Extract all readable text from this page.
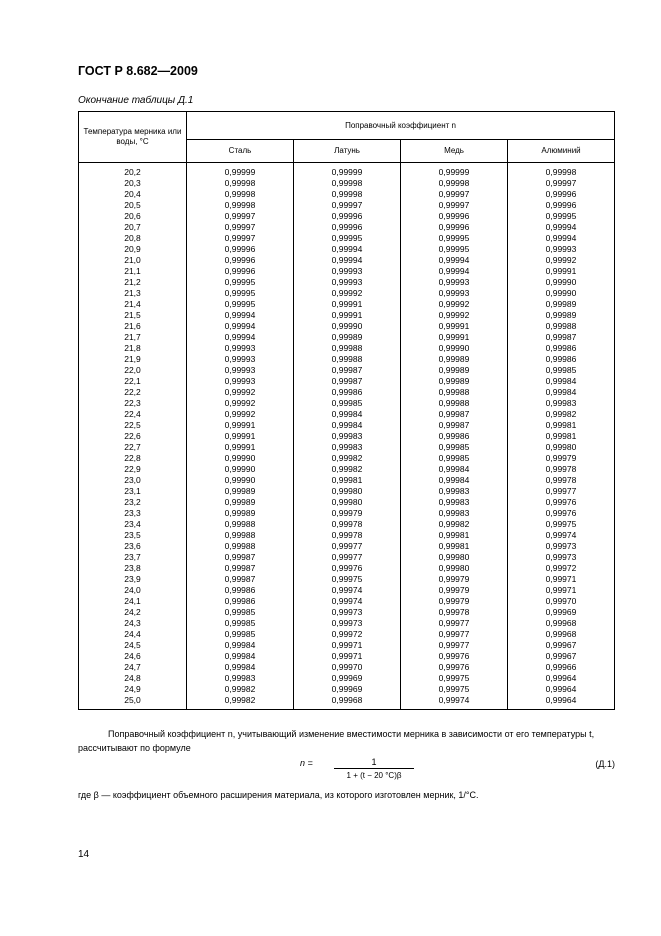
ГОСТ Р 8.682—2009
Окончание таблицы Д.1
Температура мерника или воды, °С	Поправочный коэффициент n			
	Сталь	Латунь	Медь	Алюминий
20,2	0,99999	0,99999	0,99999	0,99998
20,3	0,99998	0,99998	0,99998	0,99997
20,4	0,99998	0,99998	0,99997	0,99996
20,5	0,99998	0,99997	0,99997	0,99996
20,6	0,99997	0,99996	0,99996	0,99995
20,7	0,99997	0,99996	0,99996	0,99994
20,8	0,99997	0,99995	0,99995	0,99994
20,9	0,99996	0,99994	0,99995	0,99993
21,0	0,99996	0,99994	0,99994	0,99992
21,1	0,99996	0,99993	0,99994	0,99991
21,2	0,99995	0,99993	0,99993	0,99990
21,3	0,99995	0,99992	0,99993	0,99990
21,4	0,99995	0,99991	0,99992	0,99989
21,5	0,99994	0,99991	0,99992	0,99989
21,6	0,99994	0,99990	0,99991	0,99988
21,7	0,99994	0,99989	0,99991	0,99987
21,8	0,99993	0,99988	0,99990	0,99986
21,9	0,99993	0,99988	0,99989	0,99986
22,0	0,99993	0,99987	0,99989	0,99985
22,1	0,99993	0,99987	0,99989	0,99984
22,2	0,99992	0,99986	0,99988	0,99984
22,3	0,99992	0,99985	0,99988	0,99983
22,4	0,99992	0,99984	0,99987	0,99982
22,5	0,99991	0,99984	0,99987	0,99981
22,6	0,99991	0,99983	0,99986	0,99981
22,7	0,99991	0,99983	0,99985	0,99980
22,8	0,99990	0,99982	0,99985	0,99979
22,9	0,99990	0,99982	0,99984	0,99978
23,0	0,99990	0,99981	0,99984	0,99978
23,1	0,99989	0,99980	0,99983	0,99977
23,2	0,99989	0,99980	0,99983	0,99976
23,3	0,99989	0,99979	0,99983	0,99976
23,4	0,99988	0,99978	0,99982	0,99975
23,5	0,99988	0,99978	0,99981	0,99974
23,6	0,99988	0,99977	0,99981	0,99973
23,7	0,99987	0,99977	0,99980	0,99973
23,8	0,99987	0,99976	0,99980	0,99972
23,9	0,99987	0,99975	0,99979	0,99971
24,0	0,99986	0,99974	0,99979	0,99971
24,1	0,99986	0,99974	0,99979	0,99970
24,2	0,99985	0,99973	0,99978	0,99969
24,3	0,99985	0,99973	0,99977	0,99968
24,4	0,99985	0,99972	0,99977	0,99968
24,5	0,99984	0,99971	0,99977	0,99967
24,6	0,99984	0,99971	0,99976	0,99967
24,7	0,99984	0,99970	0,99976	0,99966
24,8	0,99983	0,99969	0,99975	0,99964
24,9	0,99982	0,99969	0,99975	0,99964
25,0	0,99982	0,99968	0,99974	0,99964
Поправочный коэффициент n, учитывающий изменение вместимости мерника в зависимости от его температуры t, рассчитывают по формуле
$n = \frac{1}{1 + (t - 20 ^\circ C)\beta}$	(Д.1)
где β — коэффициент объемного расширения материала, из которого изготовлен мерник, 1/°С.
14
